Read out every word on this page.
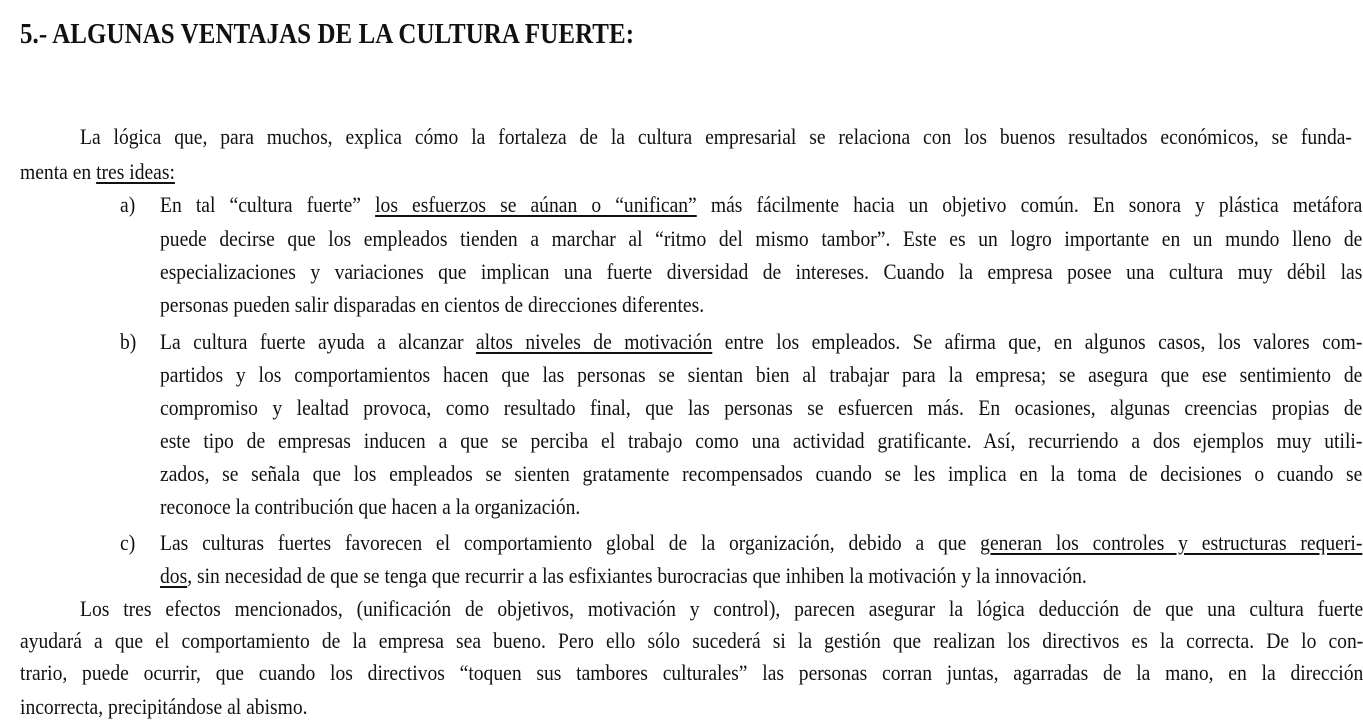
5.- ALGUNAS VENTAJAS DE LA CULTURA FUERTE:
La lógica que, para muchos, explica cómo la fortaleza de la cultura empresarial se relaciona con los buenos resultados económicos, se funda-
menta en tres ideas:
a) En tal “cultura fuerte” los esfuerzos se aúnan o “unifican” más fácilmente hacia un objetivo común. En sonora y plástica metáfora
puede decirse que los empleados tienden a marchar al “ritmo del mismo tambor”. Este es un logro importante en un mundo lleno de
especializaciones y variaciones que implican una fuerte diversidad de intereses. Cuando la empresa posee una cultura muy débil las
personas pueden salir disparadas en cientos de direcciones diferentes.
b) La cultura fuerte ayuda a alcanzar altos niveles de motivación entre los empleados. Se afirma que, en algunos casos, los valores com-
partidos y los comportamientos hacen que las personas se sientan bien al trabajar para la empresa; se asegura que ese sentimiento de
compromiso y lealtad provoca, como resultado final, que las personas se esfuercen más. En ocasiones, algunas creencias propias de
este tipo de empresas inducen a que se perciba el trabajo como una actividad gratificante. Así, recurriendo a dos ejemplos muy utili-
zados, se señala que los empleados se sienten gratamente recompensados cuando se les implica en la toma de decisiones o cuando se
reconoce la contribución que hacen a la organización.
c) Las culturas fuertes favorecen el comportamiento global de la organización, debido a que generan los controles y estructuras requeri-
dos, sin necesidad de que se tenga que recurrir a las esfixiantes burocracias que inhiben la motivación y la innovación.
Los tres efectos mencionados, (unificación de objetivos, motivación y control), parecen asegurar la lógica deducción de que una cultura fuerte
ayudará a que el comportamiento de la empresa sea bueno. Pero ello sólo sucederá si la gestión que realizan los directivos es la correcta. De lo con-
trario, puede ocurrir, que cuando los directivos “toquen sus tambores culturales” las personas corran juntas, agarradas de la mano, en la dirección
incorrecta, precipitándose al abismo.
